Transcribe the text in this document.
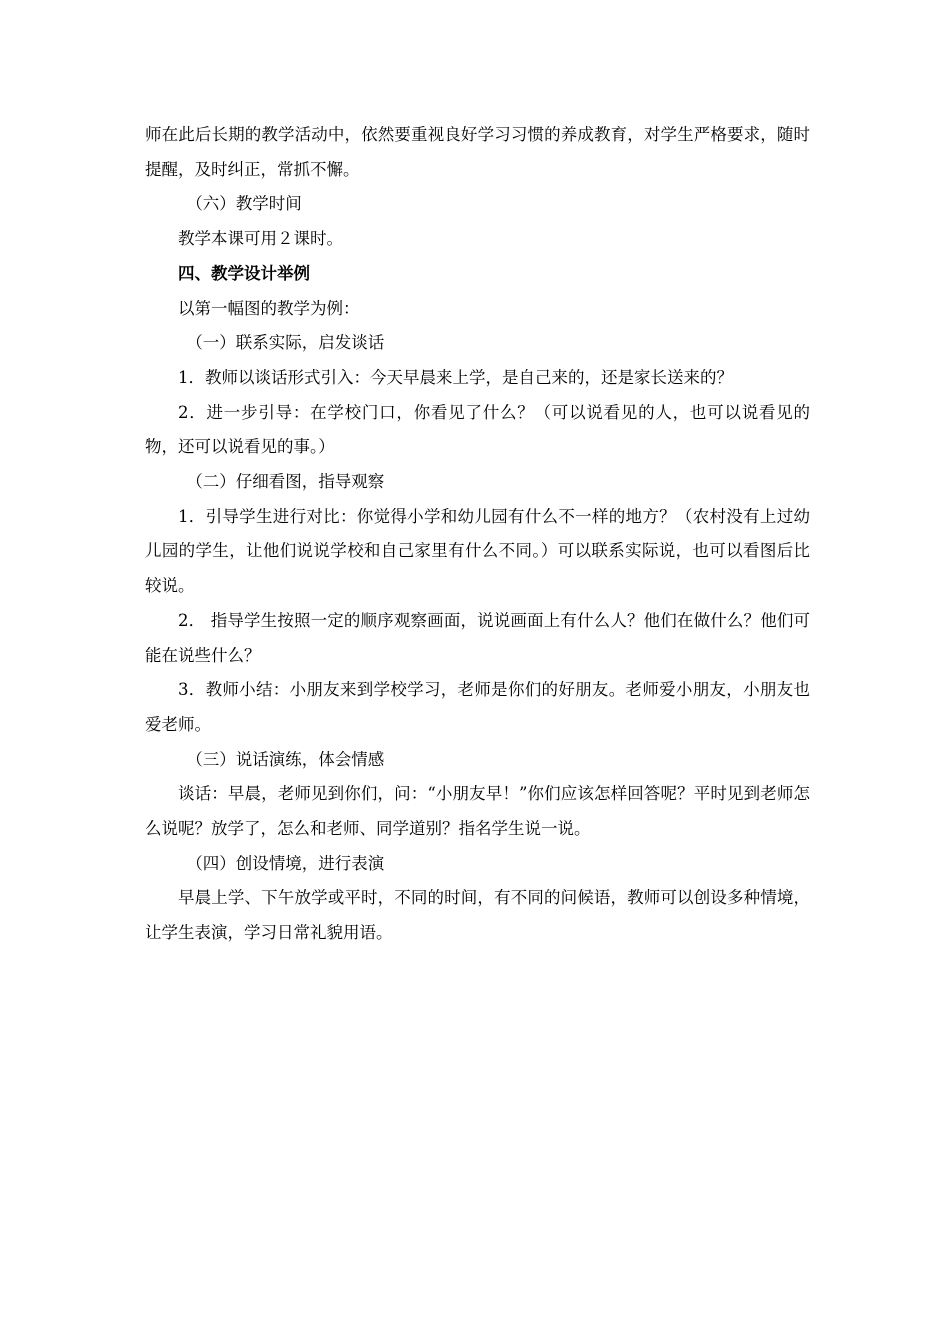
师在此后长期的教学活动中，依然要重视良好学习习惯的养成教育，对学生严格要求，随时提醒，及时纠正，常抓不懈。

（六）教学时间

教学本课可用２课时。

四、教学设计举例

以第一幅图的教学为例：

（一）联系实际，启发谈话

1．教师以谈话形式引入：今天早晨来上学，是自己来的，还是家长送来的？

2．进一步引导：在学校门口，你看见了什么？（可以说看见的人，也可以说看见的物，还可以说看见的事。）

（二）仔细看图，指导观察

1．引导学生进行对比：你觉得小学和幼儿园有什么不一样的地方？（农村没有上过幼儿园的学生，让他们说说学校和自己家里有什么不同。）可以联系实际说，也可以看图后比较说。

2． 指导学生按照一定的顺序观察画面，说说画面上有什么人？他们在做什么？他们可能在说些什么？

3．教师小结：小朋友来到学校学习，老师是你们的好朋友。老师爱小朋友，小朋友也爱老师。

（三）说话演练，体会情感

谈话：早晨，老师见到你们，问：“小朋友早！”你们应该怎样回答呢？平时见到老师怎么说呢？放学了，怎么和老师、同学道别？指名学生说一说。

（四）创设情境，进行表演

早晨上学、下午放学或平时，不同的时间，有不同的问候语，教师可以创设多种情境，让学生表演，学习日常礼貌用语。
